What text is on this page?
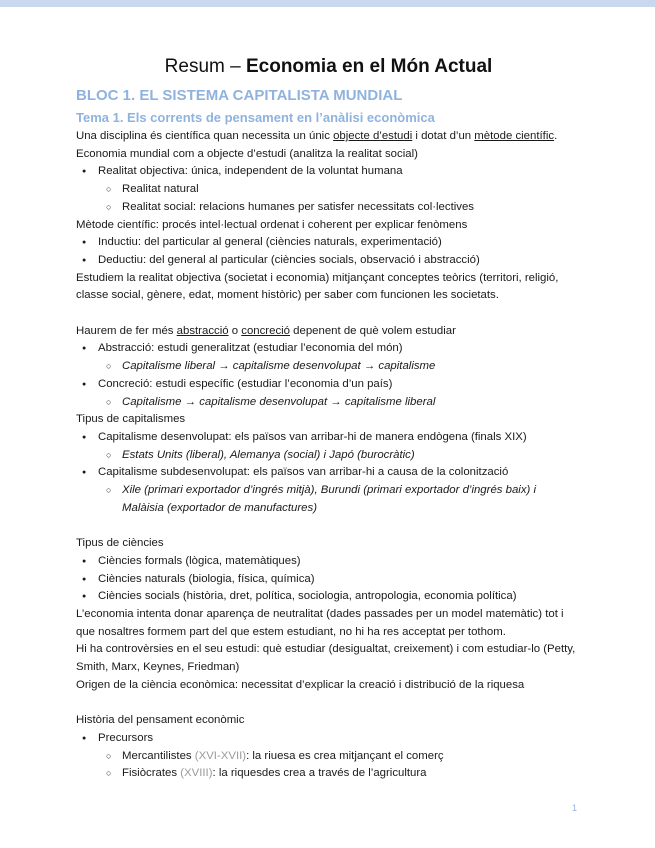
Resum – Economia en el Món Actual
BLOC 1. EL SISTEMA CAPITALISTA MUNDIAL
Tema 1. Els corrents de pensament en l’anàlisi econòmica

Una disciplina és científica quan necessita un únic objecte d’estudi i dotat d’un mètode científic.

Economia mundial com a objecte d’estudi (analitza la realitat social)

● Realitat objectiva: única, independent de la voluntat humana

○ Realitat natural

○ Realitat social: relacions humanes per satisfer necessitats col·lectives

Mètode científic: procés intel·lectual ordenat i coherent per explicar fenòmens

● Inductiu: del particular al general (ciències naturals, experimentació)

● Deductiu: del general al particular (ciències socials, observació i abstracció)

Estudiem la realitat objectiva (societat i economia) mitjançant conceptes teòrics (territori, religió, classe social, gènere, edat, moment històric) per saber com funcionen les societats.

Haurem de fer més abstracció o concreció depenent de què volem estudiar

● Abstracció: estudi generalitzat (estudiar l’economia del món)

○ Capitalisme liberal → capitalisme desenvolupat → capitalisme

● Concreció: estudi específic (estudiar l’economia d’un país)

○ Capitalisme → capitalisme desenvolupat → capitalisme liberal

Tipus de capitalismes

● Capitalisme desenvolupat: els països van arribar-hi de manera endògena (finals XIX)

○ Estats Units (liberal), Alemanya (social) i Japó (burocràtic)

● Capitalisme subdesenvolupat: els països van arribar-hi a causa de la colonització

○ Xile (primari exportador d’ingrés mitjà), Burundi (primari exportador d’ingrés baix) i

Malàisia (exportador de manufactures)

Tipus de ciències

● Ciències formals (lògica, matemàtiques)

● Ciències naturals (biologia, física, química)

● Ciències socials (història, dret, política, sociologia, antropologia, economia política)

L’economia intenta donar aparença de neutralitat (dades passades per un model matemàtic) tot i que nosaltres formem part del que estem estudiant, no hi ha res acceptat per tothom.

Hi ha controvèrsies en el seu estudi: què estudiar (desigualtat, creixement) i com estudiar-lo (Petty, Smith, Marx, Keynes, Friedman)

Origen de la ciència econòmica: necessitat d’explicar la creació i distribució de la riquesa

Història del pensament econòmic

● Precursors

○ Mercantilistes (XVI-XVII): la riuesa es crea mitjançant el comerç

○ Fisiòcrates (XVIII): la riquesdes crea a través de l’agricultura

1
